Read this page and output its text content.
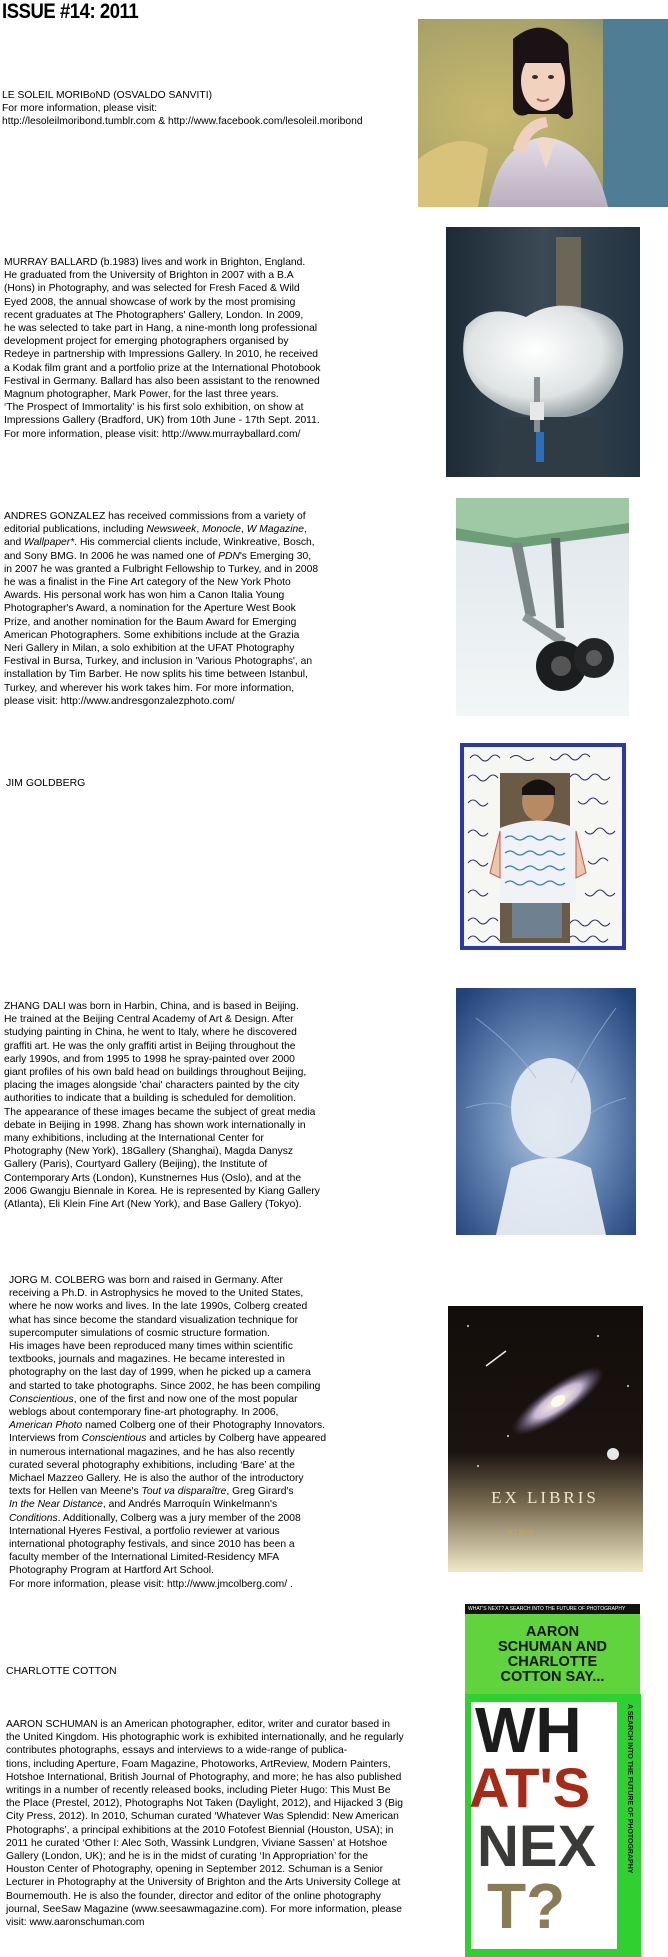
ISSUE #14: 2011
LE SOLEIL MORIBoND (OSVALDO SANVITI)
For more information, please visit:
http://lesoleilmoribond.tumblr.com & http://www.facebook.com/lesoleil.moribond
MURRAY BALLARD (b.1983) lives and work in Brighton, England.
He graduated from the University of Brighton in 2007 with a B.A
(Hons) in Photography, and was selected for Fresh Faced & Wild
Eyed 2008, the annual showcase of work by the most promising
recent graduates at The Photographers' Gallery, London. In 2009,
he was selected to take part in Hang, a nine-month long professional
development project for emerging photographers organised by
Redeye in partnership with Impressions Gallery. In 2010, he received
a Kodak film grant and a portfolio prize at the International Photobook
Festival in Germany. Ballard has also been assistant to the renowned
Magnum photographer, Mark Power, for the last three years.
‘The Prospect of Immortality’ is his first solo exhibition, on show at
Impressions Gallery (Bradford, UK) from 10th June - 17th Sept. 2011.
For more information, please visit: http://www.murrayballard.com/
ANDRES GONZALEZ has received commissions from a variety of
editorial publications, including Newsweek, Monocle, W Magazine,
and Wallpaper*. His commercial clients include, Winkreative, Bosch,
and Sony BMG. In 2006 he was named one of PDN's Emerging 30,
in 2007 he was granted a Fulbright Fellowship to Turkey, and in 2008
he was a finalist in the Fine Art category of the New York Photo
Awards. His personal work has won him a Canon Italia Young
Photographer's Award, a nomination for the Aperture West Book
Prize, and another nomination for the Baum Award for Emerging
American Photographers. Some exhibitions include at the Grazia
Neri Gallery in Milan, a solo exhibition at the UFAT Photography
Festival in Bursa, Turkey, and inclusion in 'Various Photographs', an
installation by Tim Barber. He now splits his time between Istanbul,
Turkey, and wherever his work takes him. For more information,
please visit: http://www.andresgonzalezphoto.com/
JIM GOLDBERG
ZHANG DALI was born in Harbin, China, and is based in Beijing.
He trained at the Beijing Central Academy of Art & Design. After
studying painting in China, he went to Italy, where he discovered
graffiti art. He was the only graffiti artist in Beijing throughout the
early 1990s, and from 1995 to 1998 he spray-painted over 2000
giant profiles of his own bald head on buildings throughout Beijing,
placing the images alongside 'chai' characters painted by the city
authorities to indicate that a building is scheduled for demolition.
The appearance of these images became the subject of great media
debate in Beijing in 1998. Zhang has shown work internationally in
many exhibitions, including at the International Center for
Photography (New York), 18Gallery (Shanghai), Magda Danysz
Gallery (Paris), Courtyard Gallery (Beijing), the Institute of
Contemporary Arts (London), Kunstnernes Hus (Oslo), and at the
2006 Gwangju Biennale in Korea. He is represented by Kiang Gallery
(Atlanta), Eli Klein Fine Art (New York), and Base Gallery (Tokyo).
JORG M. COLBERG was born and raised in Germany. After
receiving a Ph.D. in Astrophysics he moved to the United States,
where he now works and lives. In the late 1990s, Colberg created
what has since become the standard visualization technique for
supercomputer simulations of cosmic structure formation.
His images have been reproduced many times within scientific
textbooks, journals and magazines. He became interested in
photography on the last day of 1999, when he picked up a camera
and started to take photographs. Since 2002, he has been compiling
Conscientious, one of the first and now one of the most popular
weblogs about contemporary fine-art photography. In 2006,
American Photo named Colberg one of their Photography Innovators.
Interviews from Conscientious and articles by Colberg have appeared
in numerous international magazines, and he has also recently
curated several photography exhibitions, including ‘Bare’ at the
Michael Mazzeo Gallery. He is also the author of the introductory
texts for Hellen van Meene's Tout va disparaître, Greg Girard's
In the Near Distance, and Andrés Marroquín Winkelmann's
Conditions. Additionally, Colberg was a jury member of the 2008
International Hyeres Festival, a portfolio reviewer at various
international photography festivals, and since 2010 has been a
faculty member of the International Limited-Residency MFA
Photography Program at Hartford Art School.
For more information, please visit: http://www.jmcolberg.com/ .
EX LIBRIS
STROI
CHARLOTTE COTTON
WHAT'S NEXT? A SEARCH INTO THE FUTURE OF PHOTOGRAPHY
AARON
SCHUMAN AND
CHARLOTTE
COTTON SAY...
AARON SCHUMAN is an American photographer, editor, writer and curator based in
the United Kingdom. His photographic work is exhibited internationally, and he regularly
contributes photographs, essays and interviews to a wide-range of publica-
tions, including Aperture, Foam Magazine, Photoworks, ArtReview, Modern Painters,
Hotshoe International, British Journal of Photography, and more; he has also published
writings in a number of recently released books, including Pieter Hugo: This Must Be
the Place (Prestel, 2012), Photographs Not Taken (Daylight, 2012), and Hijacked 3 (Big
City Press, 2012). In 2010, Schuman curated ‘Whatever Was Splendid: New American
Photographs’, a principal exhibitions at the 2010 Fotofest Biennial (Houston, USA); in
2011 he curated ‘Other I: Alec Soth, Wassink Lundgren, Viviane Sassen’ at Hotshoe
Gallery (London, UK); and he is in the midst of curating ‘In Appropriation’ for the
Houston Center of Photography, opening in September 2012. Schuman is a Senior
Lecturer in Photography at the University of Brighton and the Arts University College at
Bournemouth. He is also the founder, director and editor of the online photography
journal, SeeSaw Magazine (www.seesawmagazine.com). For more information, please
visit: www.aaronschuman.com
WH
AT'S
NEX
T?
A SEARCH INTO THE FUTURE OF PHOTOGRAPHY
